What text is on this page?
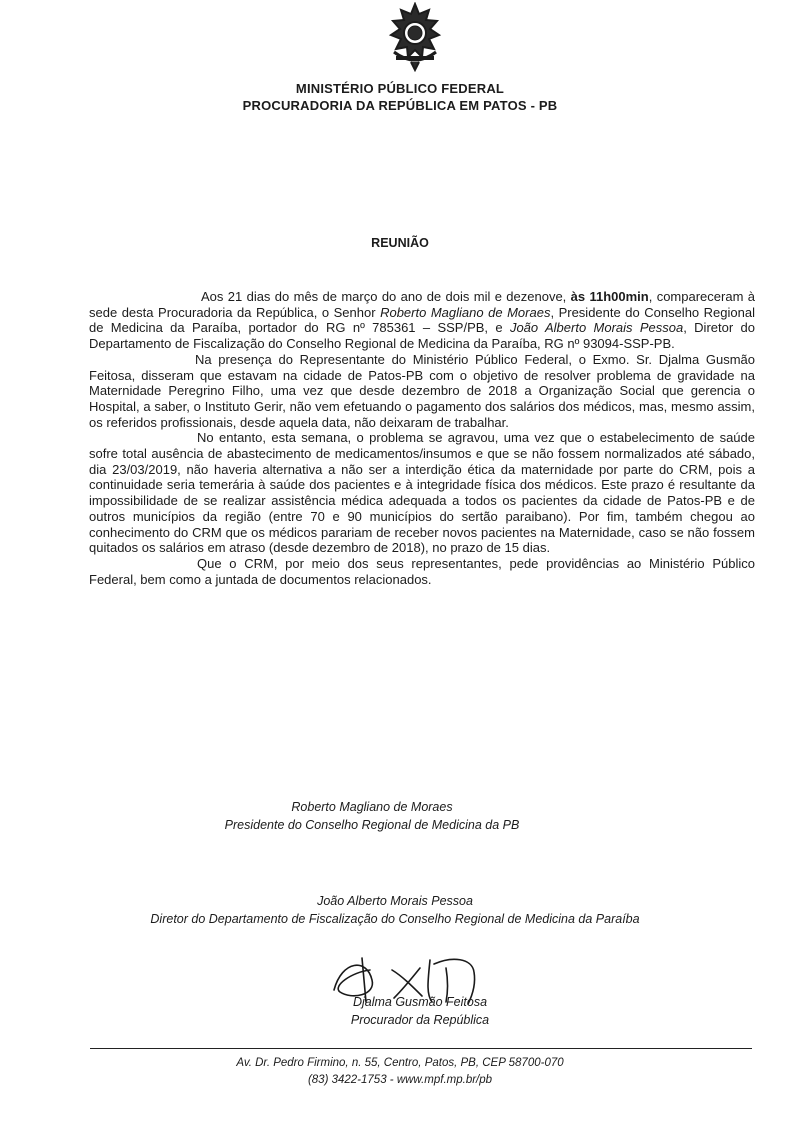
MINISTÉRIO PÚBLICO FEDERAL
PROCURADORIA DA REPÚBLICA EM PATOS - PB
REUNIÃO

Aos 21 dias do mês de março do ano de dois mil e dezenove, às 11h00min, compareceram à sede desta Procuradoria da República, o Senhor Roberto Magliano de Moraes, Presidente do Conselho Regional de Medicina da Paraíba, portador do RG nº 785361 – SSP/PB, e João Alberto Morais Pessoa, Diretor do Departamento de Fiscalização do Conselho Regional de Medicina da Paraíba, RG nº 93094-SSP-PB.

Na presença do Representante do Ministério Público Federal, o Exmo. Sr. Djalma Gusmão Feitosa, disseram que estavam na cidade de Patos-PB com o objetivo de resolver problema de gravidade na Maternidade Peregrino Filho, uma vez que desde dezembro de 2018 a Organização Social que gerencia o Hospital, a saber, o Instituto Gerir, não vem efetuando o pagamento dos salários dos médicos, mas, mesmo assim, os referidos profissionais, desde aquela data, não deixaram de trabalhar.

No entanto, esta semana, o problema se agravou, uma vez que o estabelecimento de saúde sofre total ausência de abastecimento de medicamentos/insumos e que se não fossem normalizados até sábado, dia 23/03/2019, não haveria alternativa a não ser a interdição ética da maternidade por parte do CRM, pois a continuidade seria temerária à saúde dos pacientes e à integridade física dos médicos. Este prazo é resultante da impossibilidade de se realizar assistência médica adequada a todos os pacientes da cidade de Patos-PB e de outros municípios da região (entre 70 e 90 municípios do sertão paraibano). Por fim, também chegou ao conhecimento do CRM que os médicos parariam de receber novos pacientes na Maternidade, caso se não fossem quitados os salários em atraso (desde dezembro de 2018), no prazo de 15 dias.

Que o CRM, por meio dos seus representantes, pede providências ao Ministério Público Federal, bem como a juntada de documentos relacionados.

Roberto Magliano de Moraes
Presidente do Conselho Regional de Medicina da PB
João Alberto Morais Pessoa
Diretor do Departamento de Fiscalização do Conselho Regional de Medicina da Paraíba
Djalma Gusmão Feitosa
Procurador da República
Av. Dr. Pedro Firmino, n. 55, Centro, Patos, PB, CEP 58700-070
(83) 3422-1753 - www.mpf.mp.br/pb
